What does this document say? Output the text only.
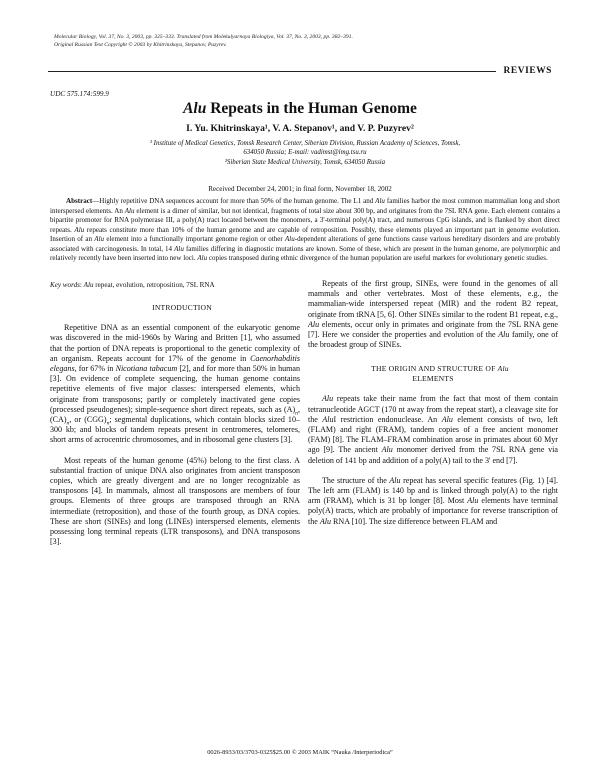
Molecular Biology, Vol. 37, No. 3, 2003, pp. 325–333. Translated from Molekulyarnaya Biologiya, Vol. 37, No. 3, 2003, pp. 382–391.
Original Russian Text Copyright © 2003 by Khitrinskaya, Stepanov, Puzyrev.
REVIEWS
UDC 575.174:599.9
Alu Repeats in the Human Genome
I. Yu. Khitrinskaya¹, V. A. Stepanov¹, and V. P. Puzyrev²
¹ Institute of Medical Genetics, Tomsk Research Center, Siberian Division, Russian Academy of Sciences, Tomsk,
634050 Russia; E-mail: vadimst@img.tsu.ru
²Siberian State Medical University, Tomsk, 634050 Russia
Received December 24, 2001; in final form, November 18, 2002

Abstract—Highly repetitive DNA sequences account for more than 50% of the human genome. The L1 and Alu families harbor the most common mammalian long and short interspersed elements. An Alu element is a dimer of similar, but not identical, fragments of total size about 300 bp, and originates from the 7SL RNA gene. Each element contains a bipartite promoter for RNA polymerase III, a poly(A) tract located between the monomers, a 3'-terminal poly(A) tract, and numerous CpG islands, and is flanked by short direct repeats. Alu repeats constitute more than 10% of the human genome and are capable of retroposition. Possibly, these elements played an important part in genome evolution. Insertion of an Alu element into a functionally important genome region or other Alu-dependent alterations of gene functions cause various hereditary disorders and are probably associated with carcinogenesis. In total, 14 Alu families differing in diagnostic mutations are known. Some of these, which are present in the human genome, are polymorphic and relatively recently have been inserted into new loci. Alu copies transposed during ethnic divergence of the human population are useful markers for evolutionary genetic studies.

Key words: Alu repeat, evolution, retroposition, 7SL RNA

INTRODUCTION

Repetitive DNA as an essential component of the eukaryotic genome was discovered in the mid-1960s by Waring and Britten [1], who assumed that the portion of DNA repeats is proportional to the genetic complexity of an organism. Repeats account for 17% of the genome in Caenorhabditis elegans, for 67% in Nicotiana tabacum [2], and for more than 50% in human [3]. On evidence of complete sequencing, the human genome contains repetitive elements of five major classes: interspersed elements, which originate from transposons; partly or completely inactivated gene copies (processed pseudogenes); simple-sequence short direct repeats, such as $(A)_n$, $(CA)_n$, or $(CGG)_n$; segmental duplications, which contain blocks sized 10–300 kb; and blocks of tandem repeats present in centromeres, telomeres, short arms of acrocentric chromosomes, and in ribosomal gene clusters [3].

Most repeats of the human genome (45%) belong to the first class. A substantial fraction of unique DNA also originates from ancient transposon copies, which are greatly divergent and are no longer recognizable as transposons [4]. In mammals, almost all transposons are members of four groups. Elements of three groups are transposed through an RNA intermediate (retroposition), and those of the fourth group, as DNA copies. These are short (SINEs) and long (LINEs) interspersed elements, elements possessing long terminal repeats (LTR transposons), and DNA transposons [3].

Repeats of the first group, SINEs, were found in the genomes of all mammals and other vertebrates. Most of these elements, e.g., the mammalian-wide interspersed repeat (MIR) and the rodent B2 repeat, originate from tRNA [5, 6]. Other SINEs similar to the rodent B1 repeat, e.g., Alu elements, occur only in primates and originate from the 7SL RNA gene [7]. Here we consider the properties and evolution of the Alu family, one of the broadest group of SINEs.

THE ORIGIN AND STRUCTURE OF Alu
ELEMENTS

Alu repeats take their name from the fact that most of them contain tetranucleotide AGCT (170 nt away from the repeat start), a cleavage site for the AluI restriction endonuclease. An Alu element consists of two, left (FLAM) and right (FRAM), tandem copies of a free ancient monomer (FAM) [8]. The FLAM–FRAM combination arose in primates about 60 Myr ago [9]. The ancient Alu monomer derived from the 7SL RNA gene via deletion of 141 bp and addition of a poly(A) tail to the 3' end [7].

The structure of the Alu repeat has several specific features (Fig. 1) [4]. The left arm (FLAM) is 140 bp and is linked through poly(A) to the right arm (FRAM), which is 31 bp longer [8]. Most Alu elements have terminal poly(A) tracts, which are probably of importance for reverse transcription of the Alu RNA [10]. The size difference between FLAM and

0026-8933/03/3703-0325$25.00 © 2003 MAIK “Nauka /Interperiodica”
